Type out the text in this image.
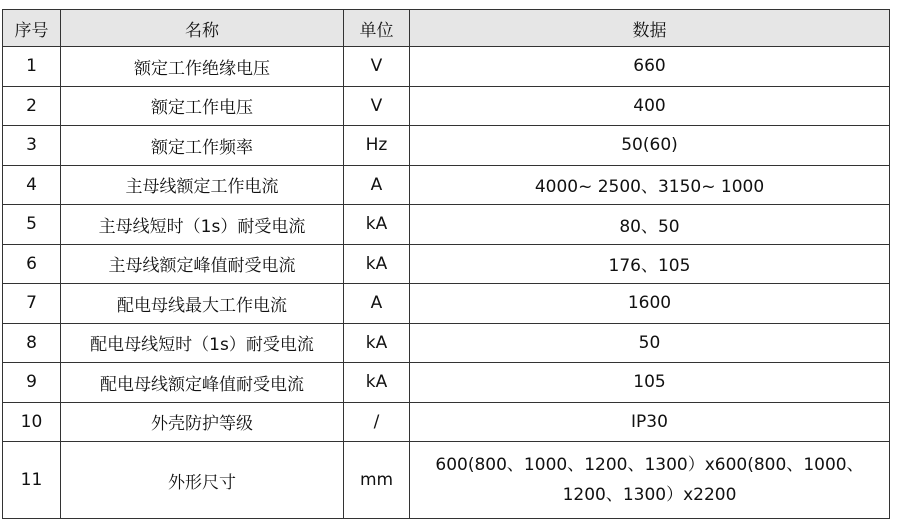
序号	名称	单位	数据
1	额定工作绝缘电压	V	660
2	额定工作电压	V	400
3	额定工作频率	Hz	50(60)
4	主母线额定工作电流	A	4000~ 2500、3150~ 1000
5	主母线短时（1s）耐受电流	kA	80、50
6	主母线额定峰值耐受电流	kA	176、105
7	配电母线最大工作电流	A	1600
8	配电母线短时（1s）耐受电流	kA	50
9	配电母线额定峰值耐受电流	kA	105
10	外壳防护等级	/	IP30
11	外形尺寸	mm	600(800、1000、1200、1300）x600(800、1000、1200、1300）x2200
